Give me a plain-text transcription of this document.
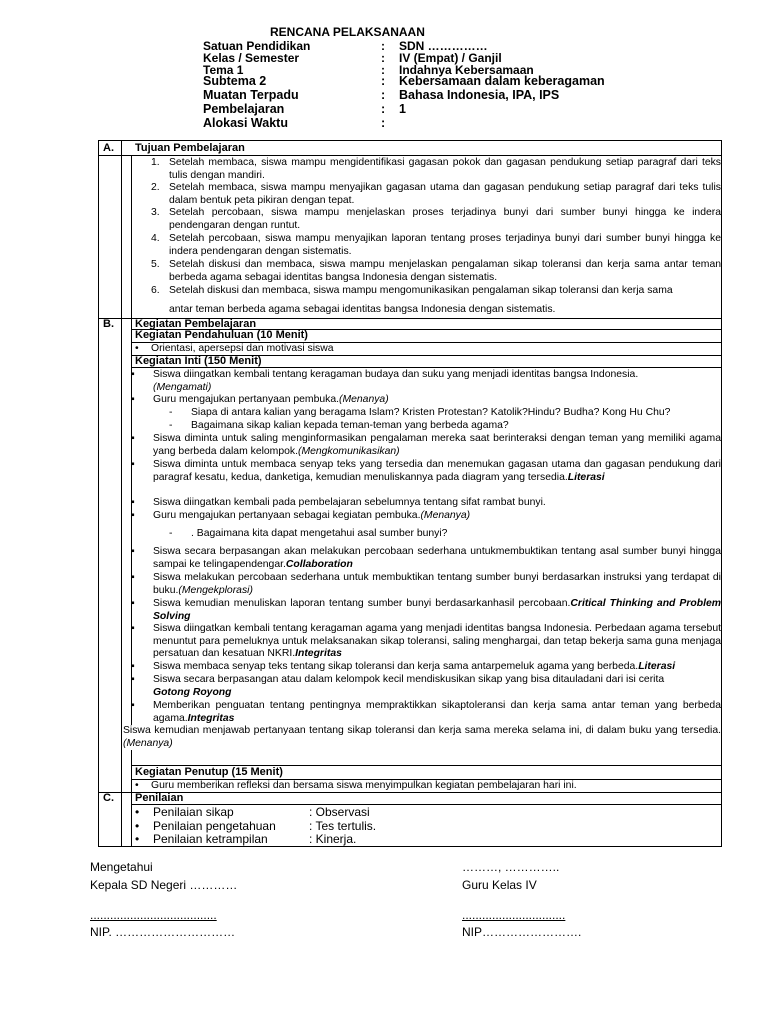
RENCANA PELAKSANAAN
Satuan Pendidikan	: SDN ……………
Kelas / Semester	: IV (Empat) / Ganjil
Tema 1	: Indahnya Kebersamaan
Subtema 2	: Kebersamaan dalam keberagaman
Muatan Terpadu	: Bahasa Indonesia, IPA, IPS
Pembelajaran	: 1
Alokasi Waktu	:
A. Tujuan Pembelajaran
1. Setelah membaca, siswa mampu mengidentifikasi gagasan pokok dan gagasan pendukung setiap paragraf dari teks tulis dengan mandiri.
2. Setelah membaca, siswa mampu menyajikan gagasan utama dan gagasan pendukung setiap paragraf dari teks tulis dalam bentuk peta pikiran dengan tepat.
3. Setelah percobaan, siswa mampu menjelaskan proses terjadinya bunyi dari sumber bunyi hingga ke indera pendengaran dengan runtut.
4. Setelah percobaan, siswa mampu menyajikan laporan tentang proses terjadinya bunyi dari sumber bunyi hingga ke indera pendengaran dengan sistematis.
5. Setelah diskusi dan membaca, siswa mampu menjelaskan pengalaman sikap toleransi dan kerja sama antar teman berbeda agama sebagai identitas bangsa Indonesia dengan sistematis.
6. Setelah diskusi dan membaca, siswa mampu mengomunikasikan pengalaman sikap toleransi dan kerja sama
antar teman berbeda agama sebagai identitas bangsa Indonesia dengan sistematis.
B. Kegiatan Pembelajaran
Kegiatan Pendahuluan (10 Menit)
• Orientasi, apersepsi dan motivasi siswa
Kegiatan Inti (150 Menit)
▪ Siswa diingatkan kembali tentang keragaman budaya dan suku yang menjadi identitas bangsa Indonesia.
(Mengamati)
▪ Guru mengajukan pertanyaan pembuka.(Menanya)
- Siapa di antara kalian yang beragama Islam? Kristen Protestan? Katolik?Hindu? Budha? Kong Hu Chu?
- Bagaimana sikap kalian kepada teman-teman yang berbeda agama?
▪ Siswa diminta untuk saling menginformasikan pengalaman mereka saat berinteraksi dengan teman yang memiliki agama yang berbeda dalam kelompok.(Mengkomunikasikan)
▪ Siswa diminta untuk membaca senyap teks yang tersedia dan menemukan gagasan utama dan gagasan pendukung dari paragraf kesatu, kedua, danketiga, kemudian menuliskannya pada diagram yang tersedia.Literasi
▪ Siswa diingatkan kembali pada pembelajaran sebelumnya tentang sifat rambat bunyi.
▪ Guru mengajukan pertanyaan sebagai kegiatan pembuka.(Menanya)
- . Bagaimana kita dapat mengetahui asal sumber bunyi?
▪ Siswa secara berpasangan akan melakukan percobaan sederhana untukmembuktikan tentang asal sumber bunyi hingga sampai ke telingapendengar.Collaboration
▪ Siswa melakukan percobaan sederhana untuk membuktikan tentang sumber bunyi berdasarkan instruksi yang terdapat di buku.(Mengekplorasi)
▪ Siswa kemudian menuliskan laporan tentang sumber bunyi berdasarkanhasil percobaan.Critical Thinking and Problem Solving
▪ Siswa diingatkan kembali tentang keragaman agama yang menjadi identitas bangsa Indonesia. Perbedaan agama tersebut menuntut para pemeluknya untuk melaksanakan sikap toleransi, saling menghargai, dan tetap bekerja sama guna menjaga persatuan dan kesatuan NKRI.Integritas
▪ Siswa membaca senyap teks tentang sikap toleransi dan kerja sama antarpemeluk agama yang berbeda.Literasi
▪ Siswa secara berpasangan atau dalam kelompok kecil mendiskusikan sikap yang bisa ditauladani dari isi cerita
Gotong Royong
▪ Memberikan penguatan tentang pentingnya mempraktikkan sikaptoleransi dan kerja sama antar teman yang berbeda agama.Integritas
Siswa kemudian menjawab pertanyaan tentang sikap toleransi dan kerja sama mereka selama ini, di dalam buku yang tersedia.(Menanya)
Kegiatan Penutup (15 Menit)
• Guru memberikan refleksi dan bersama siswa menyimpulkan kegiatan pembelajaran hari ini.
C. Penilaian
• Penilaian sikap	: Observasi
• Penilaian pengetahuan	: Tes tertulis.
• Penilaian ketrampilan	: Kinerja.
Mengetahui
Kepala SD Negeri …………
......................................
NIP. …………………………
………, …………..
Guru Kelas IV
...............................
NIP…………………….
